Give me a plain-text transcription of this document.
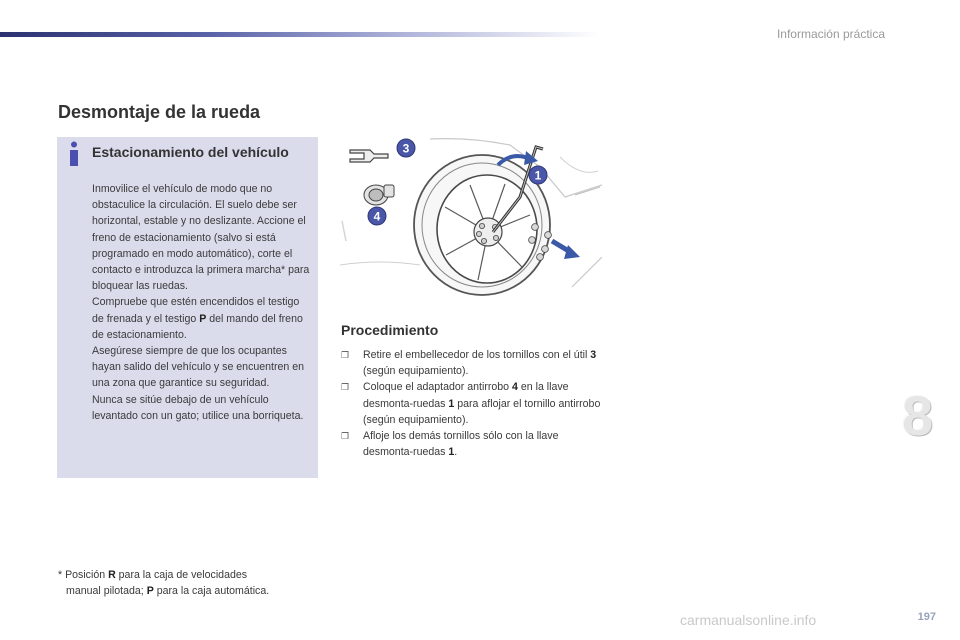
Información práctica
Desmontaje de la rueda
Estacionamiento del vehículo
Inmovilice el vehículo de modo que no obstaculice la circulación. El suelo debe ser horizontal, estable y no deslizante. Accione el freno de estacionamiento (salvo si está programado en modo automático), corte el contacto e introduzca la primera marcha* para bloquear las ruedas.
Compruebe que estén encendidos el testigo de frenada y el testigo P del mando del freno de estacionamiento.
Asegúrese siempre de que los ocupantes hayan salido del vehículo y se encuentren en una zona que garantice su seguridad.
Nunca se sitúe debajo de un vehículo levantado con un gato; utilice una borriqueta.
3
1
4
Procedimiento
❐ Retire el embellecedor de los tornillos con el útil 3 (según equipamiento).
❐ Coloque el adaptador antirrobo 4 en la llave desmonta-ruedas 1 para aflojar el tornillo antirrobo (según equipamiento).
❐ Afloje los demás tornillos sólo con la llave desmonta-ruedas 1.
8
* Posición R para la caja de velocidades
manual pilotada; P para la caja automática.
carmanualsonline.info	197
